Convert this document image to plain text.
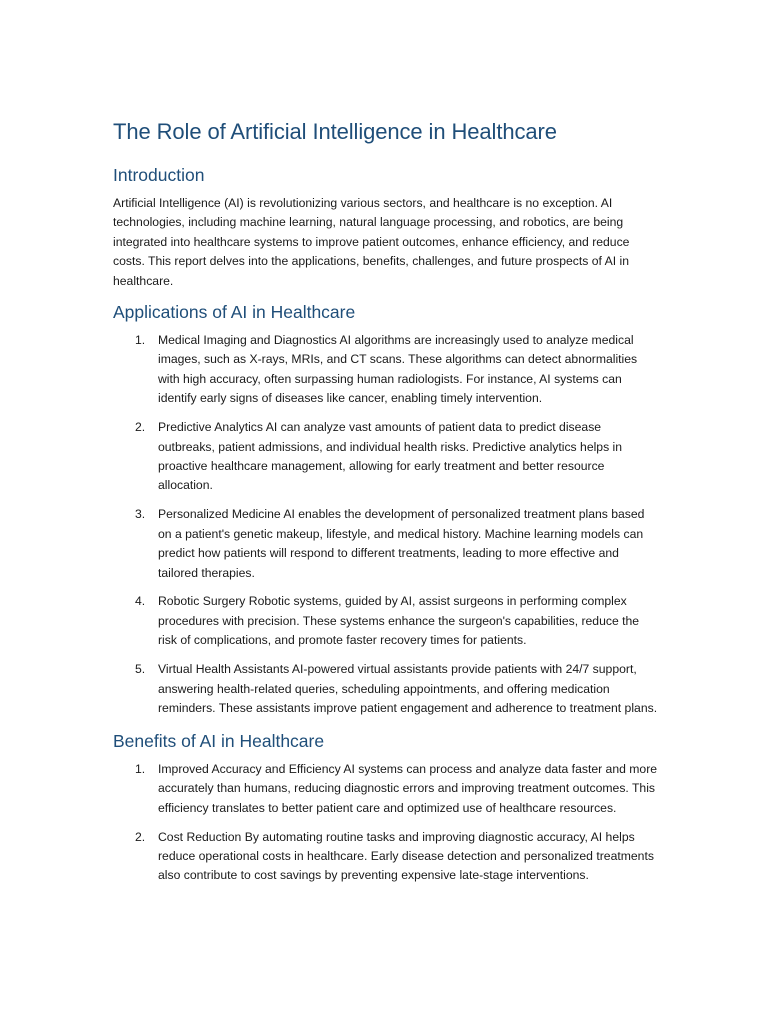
The Role of Artificial Intelligence in Healthcare
Introduction

Artificial Intelligence (AI) is revolutionizing various sectors, and healthcare is no exception. AI technologies, including machine learning, natural language processing, and robotics, are being integrated into healthcare systems to improve patient outcomes, enhance efficiency, and reduce costs. This report delves into the applications, benefits, challenges, and future prospects of AI in healthcare.

Applications of AI in Healthcare
1. Medical Imaging and Diagnostics AI algorithms are increasingly used to analyze medical images, such as X-rays, MRIs, and CT scans. These algorithms can detect abnormalities with high accuracy, often surpassing human radiologists. For instance, AI systems can identify early signs of diseases like cancer, enabling timely intervention.
2. Predictive Analytics AI can analyze vast amounts of patient data to predict disease outbreaks, patient admissions, and individual health risks. Predictive analytics helps in proactive healthcare management, allowing for early treatment and better resource allocation.
3. Personalized Medicine AI enables the development of personalized treatment plans based on a patient's genetic makeup, lifestyle, and medical history. Machine learning models can predict how patients will respond to different treatments, leading to more effective and tailored therapies.
4. Robotic Surgery Robotic systems, guided by AI, assist surgeons in performing complex procedures with precision. These systems enhance the surgeon's capabilities, reduce the risk of complications, and promote faster recovery times for patients.
5. Virtual Health Assistants AI-powered virtual assistants provide patients with 24/7 support, answering health-related queries, scheduling appointments, and offering medication reminders. These assistants improve patient engagement and adherence to treatment plans.
Benefits of AI in Healthcare
1. Improved Accuracy and Efficiency AI systems can process and analyze data faster and more accurately than humans, reducing diagnostic errors and improving treatment outcomes. This efficiency translates to better patient care and optimized use of healthcare resources.
2. Cost Reduction By automating routine tasks and improving diagnostic accuracy, AI helps reduce operational costs in healthcare. Early disease detection and personalized treatments also contribute to cost savings by preventing expensive late-stage interventions.
